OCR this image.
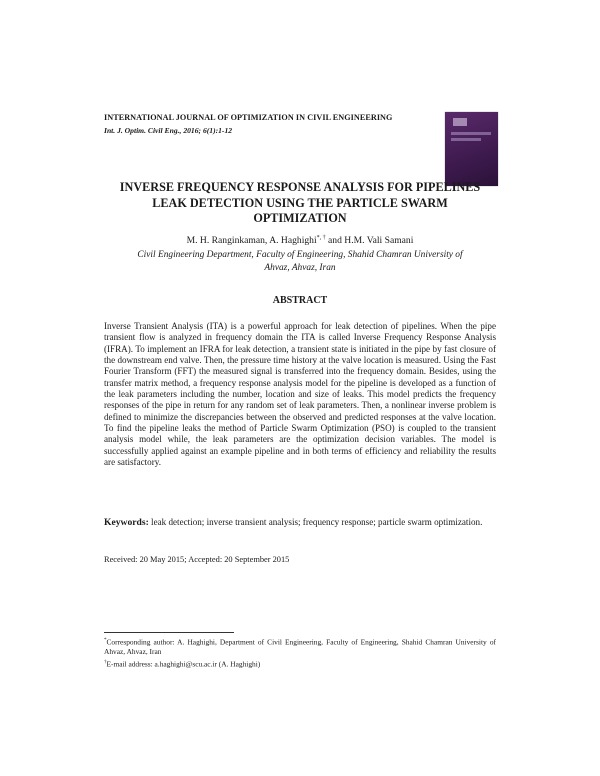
INTERNATIONAL JOURNAL OF OPTIMIZATION IN CIVIL ENGINEERING
Int. J. Optim. Civil Eng., 2016; 6(1):1-12
INVERSE FREQUENCY RESPONSE ANALYSIS FOR PIPELINES
LEAK DETECTION USING THE PARTICLE SWARM
OPTIMIZATION
M. H. Ranginkaman, A. Haghighi*, † and H.M. Vali Samani
Civil Engineering Department, Faculty of Engineering, Shahid Chamran University of
Ahvaz, Ahvaz, Iran
ABSTRACT
Inverse Transient Analysis (ITA) is a powerful approach for leak detection of pipelines. When the pipe transient flow is analyzed in frequency domain the ITA is called Inverse Frequency Response Analysis (IFRA). To implement an IFRA for leak detection, a transient state is initiated in the pipe by fast closure of the downstream end valve. Then, the pressure time history at the valve location is measured. Using the Fast Fourier Transform (FFT) the measured signal is transferred into the frequency domain. Besides, using the transfer matrix method, a frequency response analysis model for the pipeline is developed as a function of the leak parameters including the number, location and size of leaks. This model predicts the frequency responses of the pipe in return for any random set of leak parameters. Then, a nonlinear inverse problem is defined to minimize the discrepancies between the observed and predicted responses at the valve location. To find the pipeline leaks the method of Particle Swarm Optimization (PSO) is coupled to the transient analysis model while, the leak parameters are the optimization decision variables. The model is successfully applied against an example pipeline and in both terms of efficiency and reliability the results are satisfactory.
Keywords: leak detection; inverse transient analysis; frequency response; particle swarm optimization.
Received: 20 May 2015; Accepted: 20 September 2015
*Corresponding author: A. Haghighi, Department of Civil Engineering, Faculty of Engineering, Shahid Chamran University of Ahvaz, Ahvaz, Iran
†E-mail address: a.haghighi@scu.ac.ir (A. Haghighi)
